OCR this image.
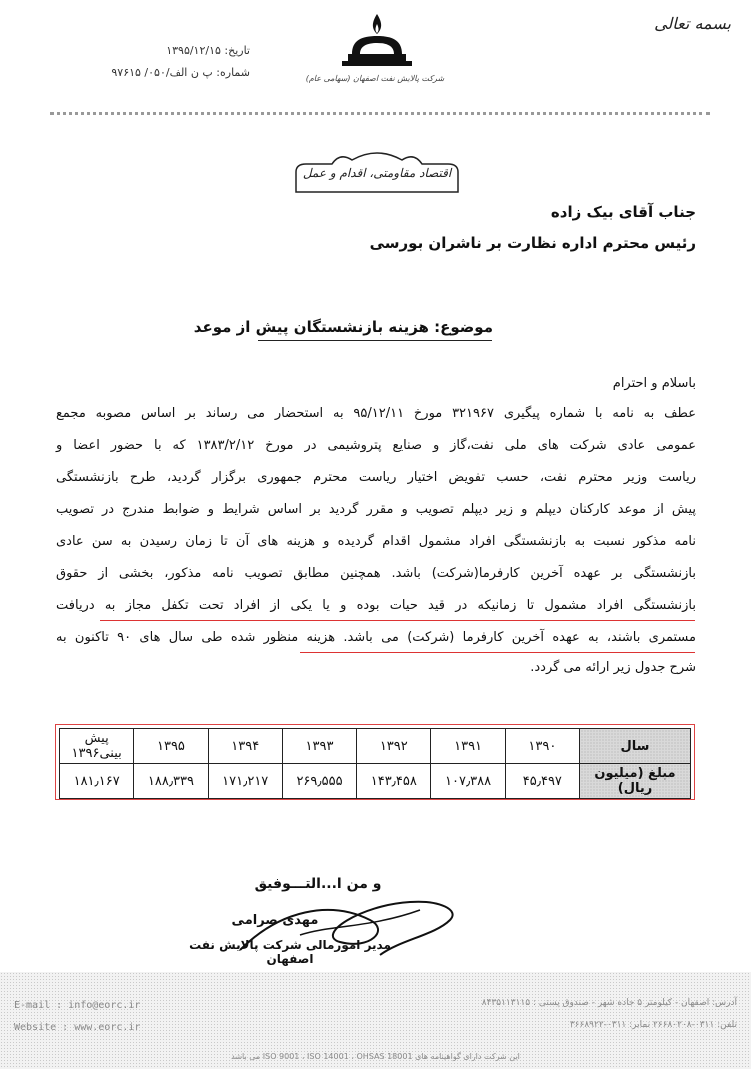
بسمه تعالی
شرکت پالایش نفت اصفهان (سهامی عام)
تاریخ: ۱۳۹۵/۱۲/۱۵
شماره: پ ن الف/۰۵۰/ ۹۷۶۱۵
اقتصاد مقاومتی، اقدام و عمل
جناب آقای بیک زاده
رئیس محترم اداره نظارت بر ناشران بورسی
موضوع: هزینه بازنشستگان پیش از موعد
باسلام و احترام
عطف به نامه با شماره پیگیری ۳۲۱۹۶۷ مورخ ۹۵/۱۲/۱۱ به استحضار می رساند بر اساس مصوبه مجمع
عمومی عادی شرکت های ملی نفت،گاز و صنایع پتروشیمی در مورخ ۱۳۸۳/۲/۱۲ که با حضور اعضا و
ریاست وزیر محترم نفت، حسب تفویض اختیار ریاست محترم جمهوری برگزار گردید، طرح بازنشستگی
پیش از موعد کارکنان دیپلم و زیر دیپلم تصویب و مقرر گردید بر اساس شرایط و ضوابط مندرج در تصویب
نامه مذکور نسبت به بازنشستگی افراد مشمول اقدام گردیده و هزینه های آن تا زمان رسیدن به سن عادی
بازنشستگی بر عهده آخرین کارفرما(شرکت) باشد. همچنین مطابق تصویب نامه مذکور، بخشی از حقوق
بازنشستگی افراد مشمول تا زمانیکه در قید حیات بوده و یا یکی از افراد تحت تکفل مجاز به دریافت
مستمری باشند، به عهده آخرین کارفرما (شرکت) می باشد. هزینه منظور شده طی سال های ۹۰ تاکنون به
شرح جدول زیر ارائه می گردد.
سال	۱۳۹۰	۱۳۹۱	۱۳۹۲	۱۳۹۳	۱۳۹۴	۱۳۹۵	پیش بینی۱۳۹۶
مبلغ (میلیون ریال)	۴۵٫۴۹۷	۱۰۷٫۳۸۸	۱۴۳٫۴۵۸	۲۶۹٫۵۵۵	۱۷۱٫۲۱۷	۱۸۸٫۳۳۹	۱۸۱٫۱۶۷
و من ا...التـــوفیق
مهدی صرامی
مدیر امورمالی شرکت پالایش نفت اصفهان
E-mail : info@eorc.ir
Website : www.eorc.ir
آدرس: اصفهان - کیلومتر ۵ جاده شهر - صندوق پستی : ۸۴۳۵۱۱۳۱۱۵
تلفن: ۰۳۱۱-۲۶۶۸۰۲۰۸ نمابر: ۰۳۱۱-۳۶۶۸۹۲۲
این شرکت دارای گواهینامه های ISO 9001 ، ISO 14001 ، OHSAS 18001 می باشد
